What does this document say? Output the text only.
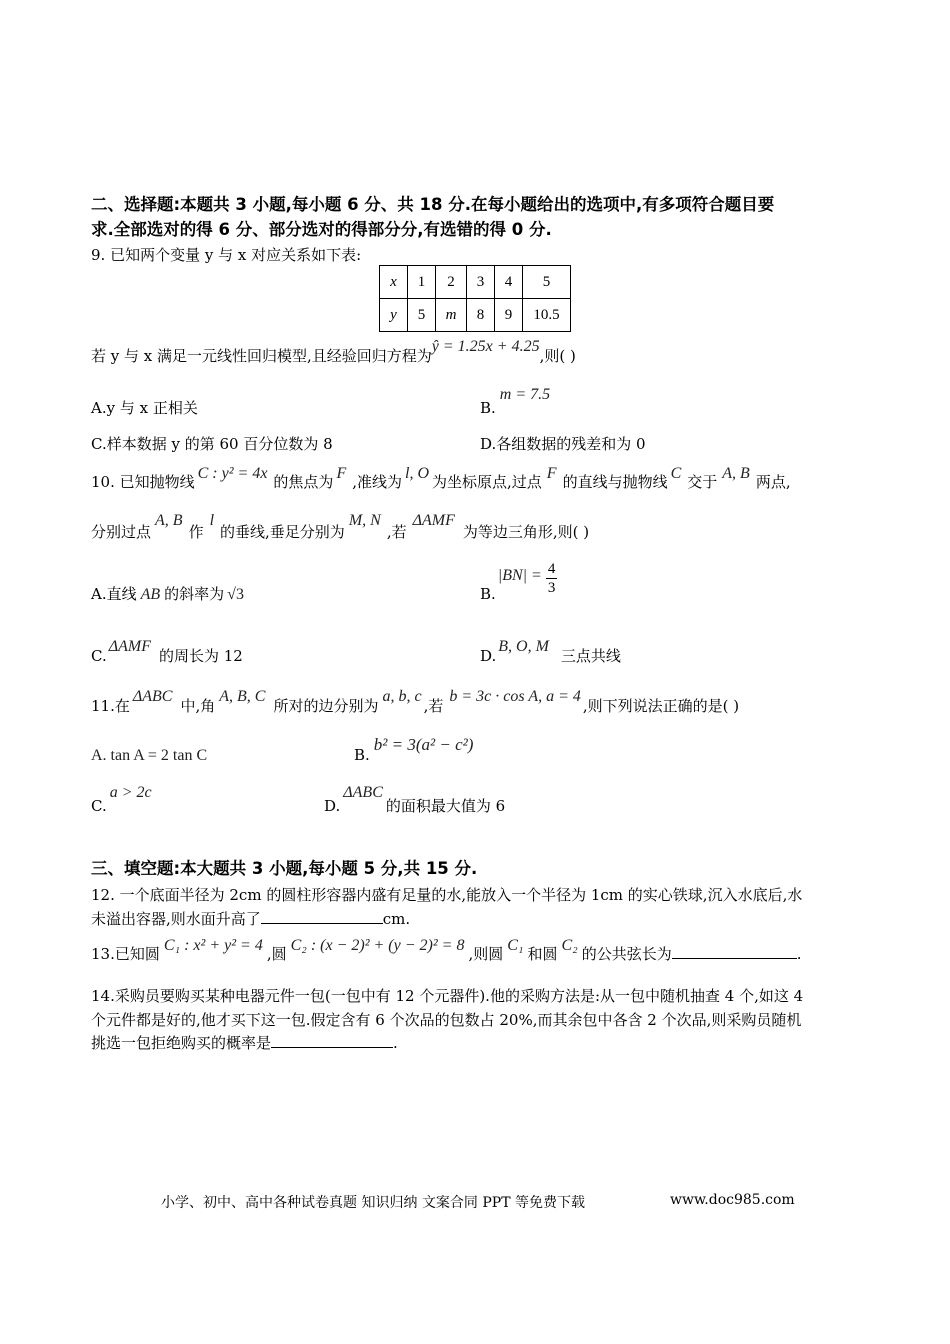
二、选择题:本题共 3 小题,每小题 6 分、共 18 分.在每小题给出的选项中,有多项符合题目要
求.全部选对的得 6 分、部分选对的得部分分,有选错的得 0 分.
9. 已知两个变量 y 与 x 对应关系如下表:
x	1	2	3	4	5
y	5	m	8	9	10.5
若 y 与 x 满足一元线性回归模型,且经验回归方程为ŷ = 1.25x + 4.25,则( )
A.y 与 x 正相关	B.m = 7.5
C.样本数据 y 的第 60 百分位数为 8	D.各组数据的残差和为 0
10. 已知抛物线 C : y² = 4x 的焦点为 F ,准线为 l, O 为坐标原点,过点 F 的直线与抛物线 C 交于 A, B 两点,
分别过点A, B作l的垂线,垂足分别为M, N,若ΔAMF为等边三角形,则( )
A.直线 AB 的斜率为 √3	$B.|BN| = \frac{4}{3}$
C.ΔAMF的周长为 12	D.B, O, M三点共线
11.在ΔABC中,角A, B, C所对的边分别为a, b, c,若b = 3c · cos A, a = 4,则下列说法正确的是( )
A. tan A = 2 tan C	B.b² = 3(a² − c²)
C.a > 2c
D.ΔABC的面积最大值为 6
三、填空题:本大题共 3 小题,每小题 5 分,共 15 分.
12. 一个底面半径为 2cm 的圆柱形容器内盛有足量的水,能放入一个半径为 1cm 的实心铁球,沉入水底后,水
未溢出容器,则水面升高了	cm.
13.已知圆 C₁ : x² + y² = 4 ,圆 C₂ : (x − 2)² + (y − 2)² = 8 ,则圆 C₁ 和圆 C₂ 的公共弦长为	.
14.采购员要购买某种电器元件一包(一包中有 12 个元器件).他的采购方法是:从一包中随机抽查 4 个,如这 4
个元件都是好的,他才买下这一包.假定含有 6 个次品的包数占 20%,而其余包中各含 2 个次品,则采购员随机
挑选一包拒绝购买的概率是	.
小学、初中、高中各种试卷真题 知识归纳 文案合同 PPT 等免费下载	www.doc985.com
